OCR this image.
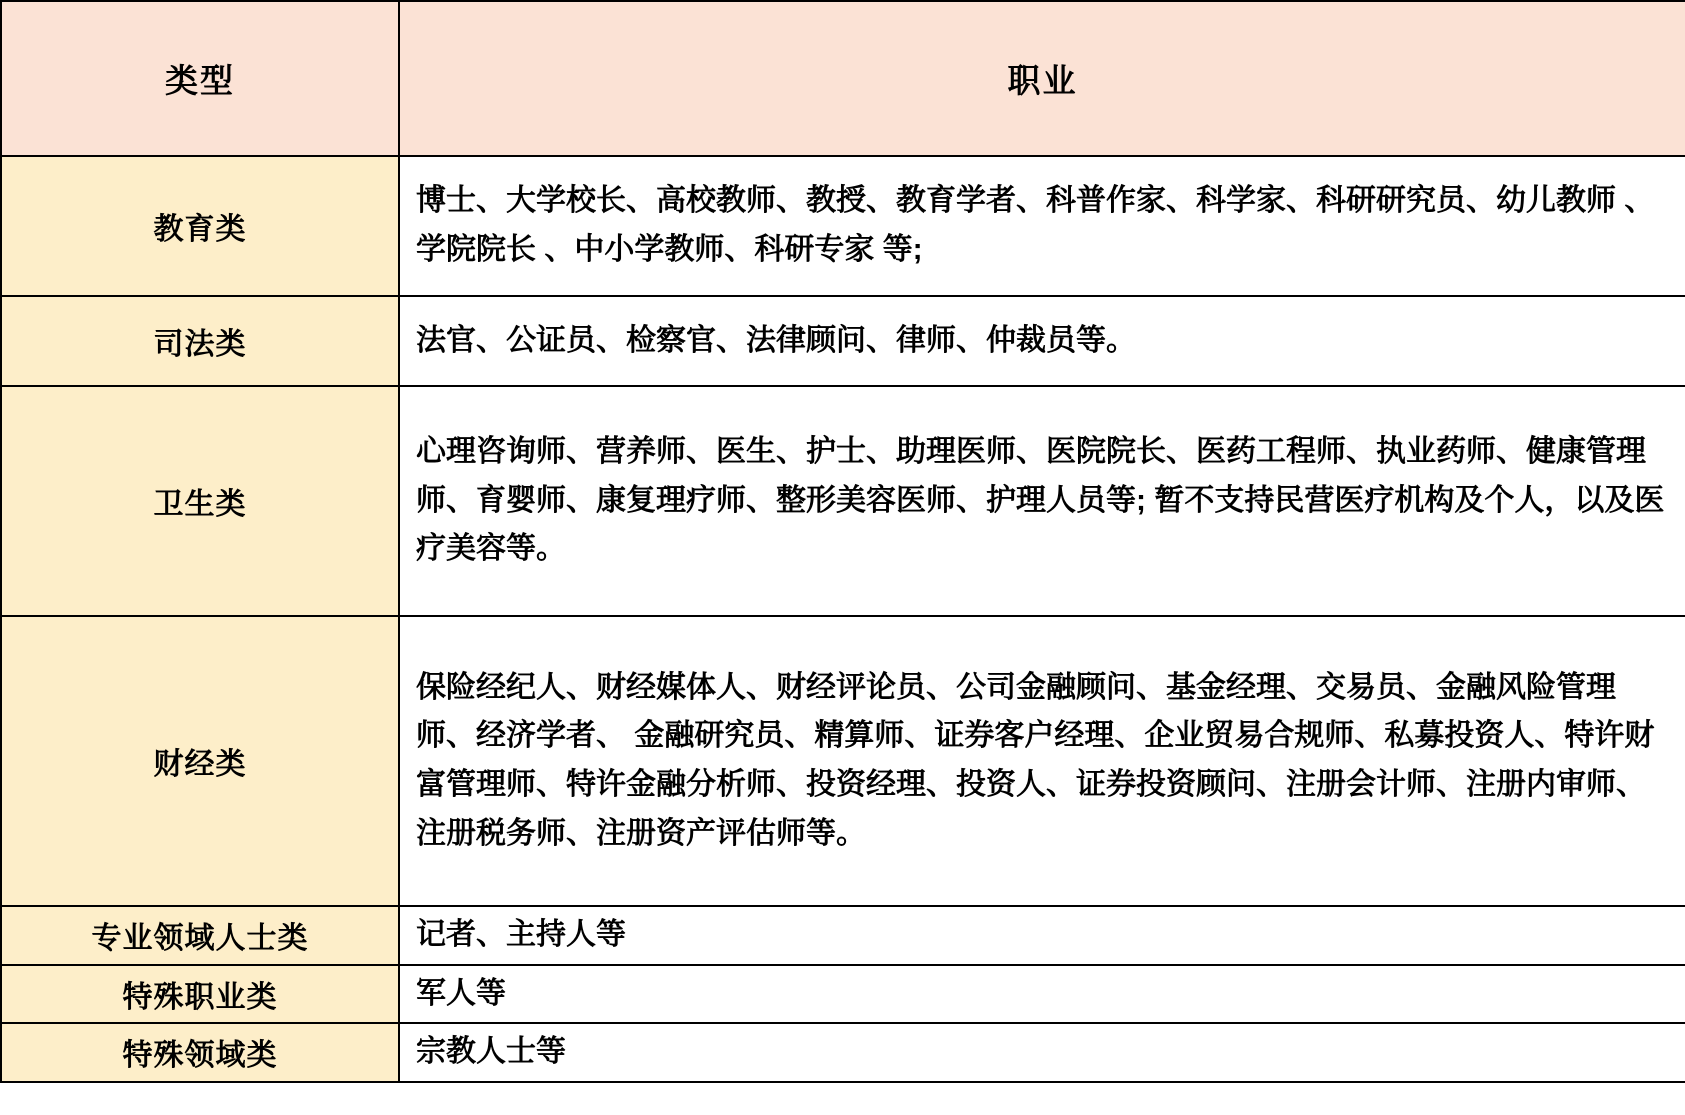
类型	职业
教育类	博士、大学校长、高校教师、教授、教育学者、科普作家、科学家、科研研究员、幼儿教师 、学院院长 、中小学教师、科研专家 等;
司法类	法官、公证员、检察官、法律顾问、律师、仲裁员等。
卫生类	心理咨询师、营养师、医生、护士、助理医师、医院院长、医药工程师、执业药师、健康管理师、育婴师、康复理疗师、整形美容医师、护理人员等; 暂不支持民营医疗机构及个人，以及医疗美容等。
财经类	保险经纪人、财经媒体人、财经评论员、公司金融顾问、基金经理、交易员、金融风险管理师、经济学者、 金融研究员、精算师、证券客户经理、企业贸易合规师、私募投资人、特许财富管理师、特许金融分析师、投资经理、投资人、证券投资顾问、注册会计师、注册内审师、注册税务师、注册资产评估师等。
专业领域人士类	记者、主持人等
特殊职业类	军人等
特殊领域类	宗教人士等
